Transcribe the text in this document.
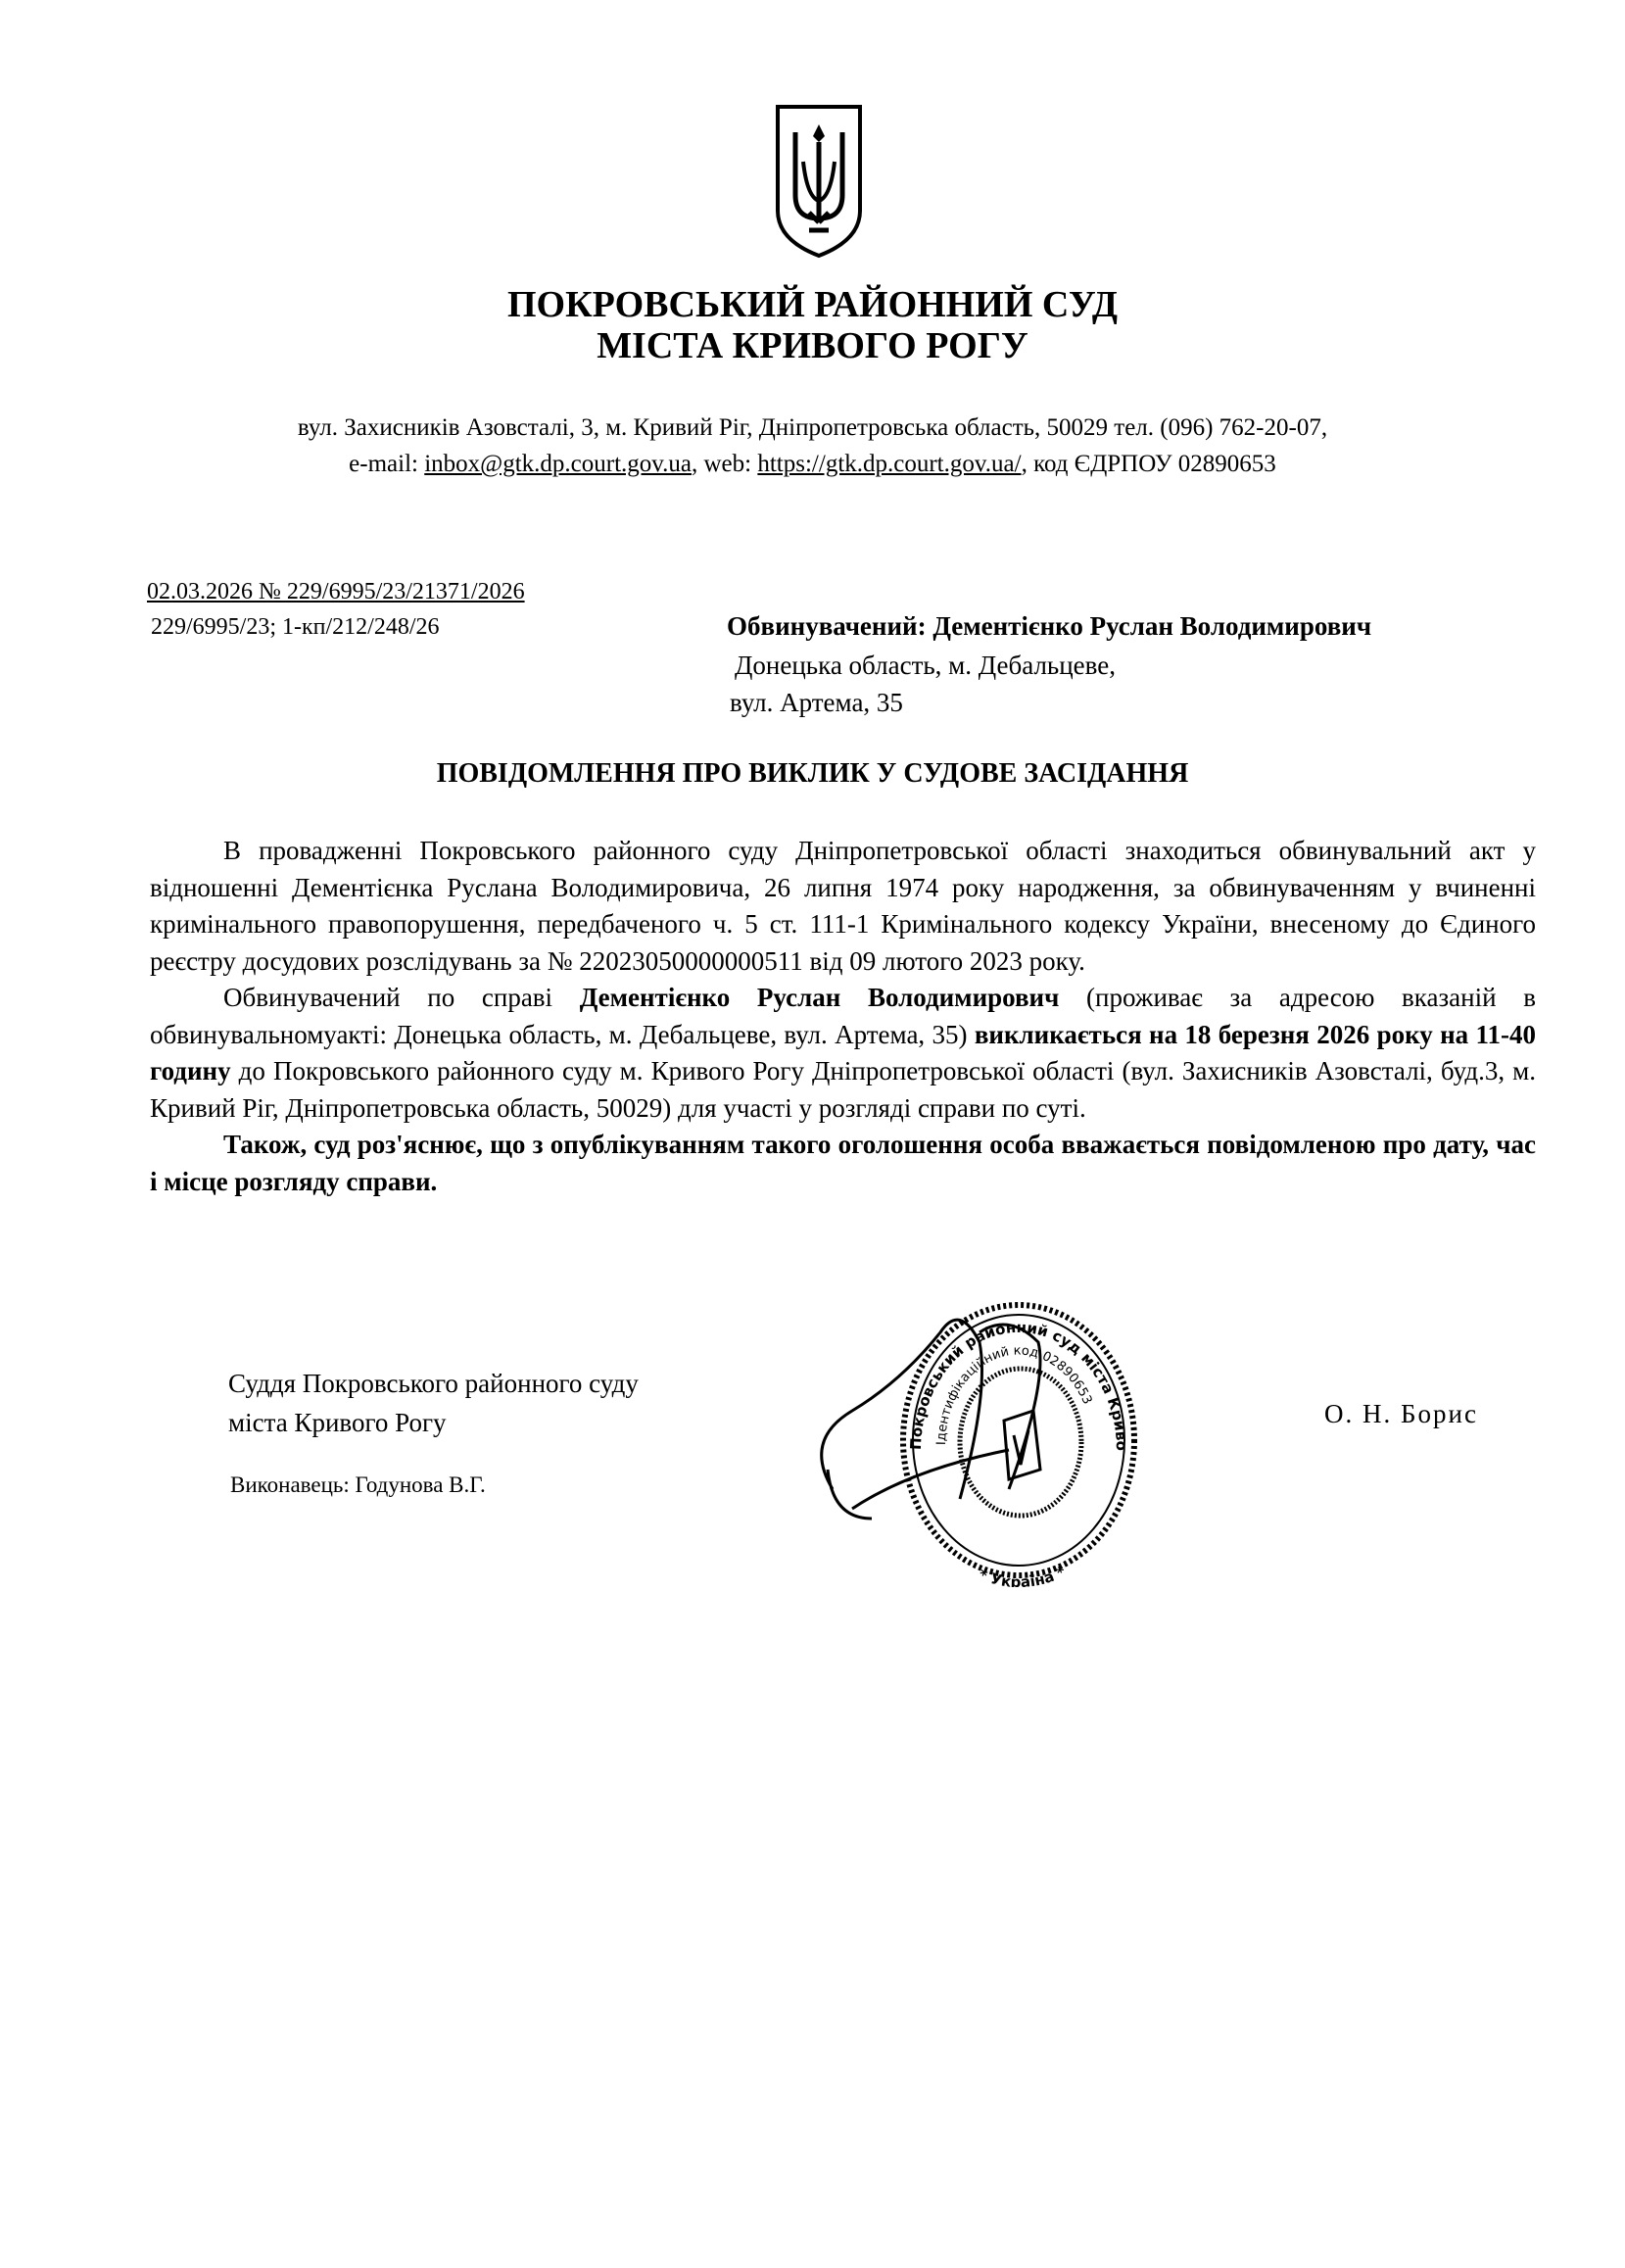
ПОКРОВСЬКИЙ РАЙОННИЙ СУД
МІСТА КРИВОГО РОГУ
вул. Захисників Азовсталі, 3, м. Кривий Ріг, Дніпропетровська область, 50029 тел. (096) 762-20-07,
e-mail: inbox@gtk.dp.court.gov.ua, web: https://gtk.dp.court.gov.ua/, код ЄДРПОУ 02890653
02.03.2026 № 229/6995/23/21371/2026
229/6995/23; 1-кп/212/248/26	Обвинувачений: Дементієнко Руслан Володимирович
Донецька область, м. Дебальцеве,
вул. Артема, 35
ПОВІДОМЛЕННЯ ПРО ВИКЛИК У СУДОВЕ ЗАСІДАННЯ

В провадженні Покровського районного суду Дніпропетровської області знаходиться обвинувальний акт у відношенні Дементієнка Руслана Володимировича, 26 липня 1974 року народження, за обвинуваченням у вчиненні кримінального правопорушення, передбаченого ч. 5 ст. 111-1 Кримінального кодексу України, внесеному до Єдиного реєстру досудових розслідувань за № 22023050000000511 від 09 лютого 2023 року.

Обвинувачений по справі Дементієнко Руслан Володимирович (проживає за адресою вказаній в обвинувальномуакті: Донецька область, м. Дебальцеве, вул. Артема, 35) викликається на 18 березня 2026 року на 11-40 годину до Покровського районного суду м. Кривого Рогу Дніпропетровської області (вул. Захисників Азовсталі, буд.3, м. Кривий Ріг, Дніпропетровська область, 50029) для участі у розгляді справи по суті.

Також, суд роз'яснює, що з опублікуванням такого оголошення особа вважається повідомленою про дату, час і місце розгляду справи.

Суддя Покровського районного суду
міста Кривого Рогу
Виконавець: Годунова В.Г.
О. Н. Борис
Покровський районний суд міста Криво
Ідентифікаційний код 02890653
* Україна *
